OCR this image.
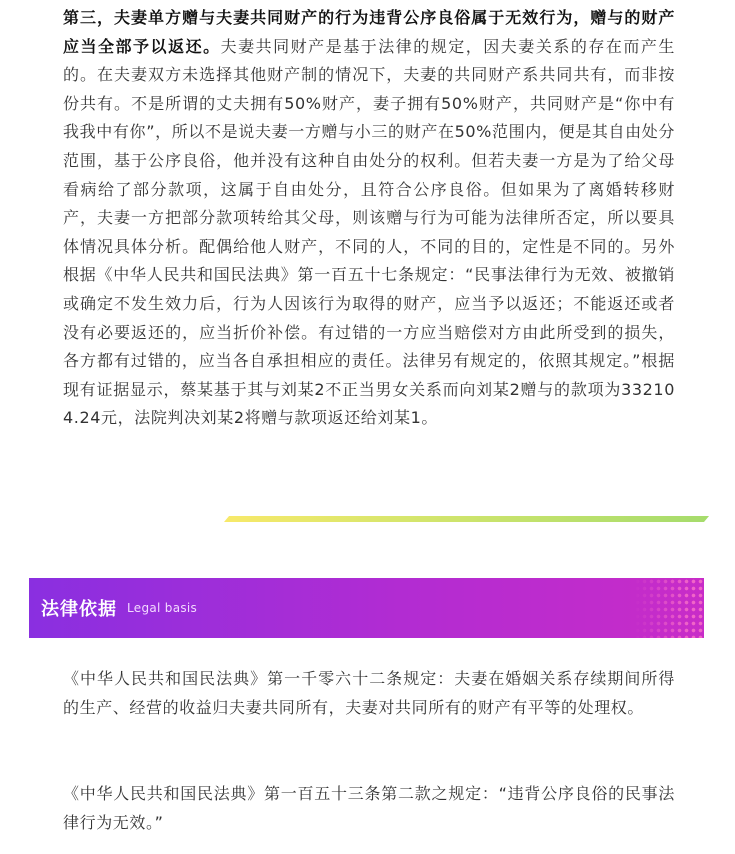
第三，夫妻单方赠与夫妻共同财产的行为违背公序良俗属于无效行为，赠与的财产应当全部予以返还。夫妻共同财产是基于法律的规定，因夫妻关系的存在而产生的。在夫妻双方未选择其他财产制的情况下，夫妻的共同财产系共同共有，而非按份共有。不是所谓的丈夫拥有50%财产，妻子拥有50%财产，共同财产是“你中有我我中有你”，所以不是说夫妻一方赠与小三的财产在50%范围内，便是其自由处分范围，基于公序良俗，他并没有这种自由处分的权利。但若夫妻一方是为了给父母看病给了部分款项，这属于自由处分，且符合公序良俗。但如果为了离婚转移财产，夫妻一方把部分款项转给其父母，则该赠与行为可能为法律所否定，所以要具体情况具体分析。配偶给他人财产，不同的人，不同的目的，定性是不同的。另外根据《中华人民共和国民法典》第一百五十七条规定：“民事法律行为无效、被撤销或确定不发生效力后，行为人因该行为取得的财产，应当予以返还；不能返还或者没有必要返还的，应当折价补偿。有过错的一方应当赔偿对方由此所受到的损失，各方都有过错的，应当各自承担相应的责任。法律另有规定的，依照其规定。”根据现有证据显示，蔡某基于其与刘某2不正当男女关系而向刘某2赠与的款项为332104.24元，法院判决刘某2将赠与款项返还给刘某1。

法律依据 Legal basis

《中华人民共和国民法典》第一千零六十二条规定：夫妻在婚姻关系存续期间所得的生产、经营的收益归夫妻共同所有，夫妻对共同所有的财产有平等的处理权。

《中华人民共和国民法典》第一百五十三条第二款之规定：“违背公序良俗的民事法律行为无效。”
